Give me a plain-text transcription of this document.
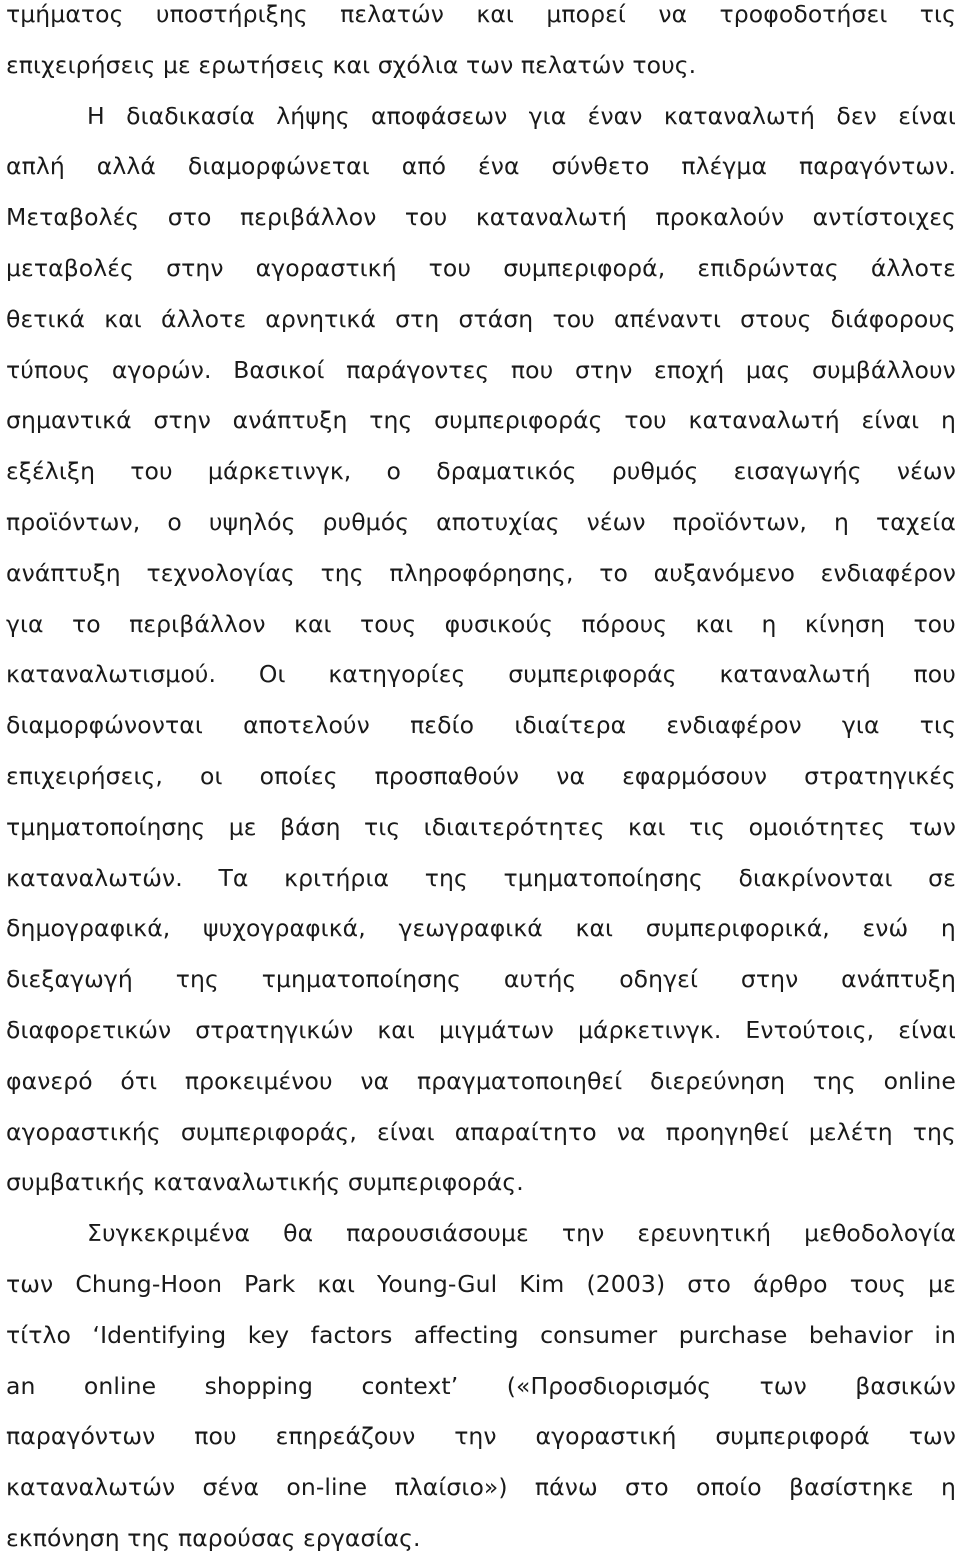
τμήματος υποστήριξης πελατών και μπορεί να τροφοδοτήσει τις
επιχειρήσεις με ερωτήσεις και σχόλια των πελατών τους.
Η διαδικασία λήψης αποφάσεων για έναν καταναλωτή δεν είναι
απλή αλλά διαμορφώνεται από ένα σύνθετο πλέγμα παραγόντων.
Μεταβολές στο περιβάλλον του καταναλωτή προκαλούν αντίστοιχες
μεταβολές στην αγοραστική του συμπεριφορά, επιδρώντας άλλοτε
θετικά και άλλοτε αρνητικά στη στάση του απέναντι στους διάφορους
τύπους αγορών. Βασικοί παράγοντες που στην εποχή μας συμβάλλουν
σημαντικά στην ανάπτυξη της συμπεριφοράς του καταναλωτή είναι η
εξέλιξη του μάρκετινγκ, ο δραματικός ρυθμός εισαγωγής νέων
προϊόντων, ο υψηλός ρυθμός αποτυχίας νέων προϊόντων, η ταχεία
ανάπτυξη τεχνολογίας της πληροφόρησης, το αυξανόμενο ενδιαφέρον
για το περιβάλλον και τους φυσικούς πόρους και η κίνηση του
καταναλωτισμού. Οι κατηγορίες συμπεριφοράς καταναλωτή που
διαμορφώνονται αποτελούν πεδίο ιδιαίτερα ενδιαφέρον για τις
επιχειρήσεις, οι οποίες προσπαθούν να εφαρμόσουν στρατηγικές
τμηματοποίησης με βάση τις ιδιαιτερότητες και τις ομοιότητες των
καταναλωτών. Τα κριτήρια της τμηματοποίησης διακρίνονται σε
δημογραφικά, ψυχογραφικά, γεωγραφικά και συμπεριφορικά, ενώ η
διεξαγωγή της τμηματοποίησης αυτής οδηγεί στην ανάπτυξη
διαφορετικών στρατηγικών και μιγμάτων μάρκετινγκ. Εντούτοις, είναι
φανερό ότι προκειμένου να πραγματοποιηθεί διερεύνηση της online
αγοραστικής συμπεριφοράς, είναι απαραίτητο να προηγηθεί μελέτη της
συμβατικής καταναλωτικής συμπεριφοράς.
Συγκεκριμένα θα παρουσιάσουμε την ερευνητική μεθοδολογία
των Chung-Hoon Park και Young-Gul Kim (2003) στο άρθρο τους με
τίτλο ‘Identifying key factors affecting consumer purchase behavior in
an online shopping context’ («Προσδιορισμός των βασικών
παραγόντων που επηρεάζουν την αγοραστική συμπεριφορά των
καταναλωτών σένα on-line πλαίσιο») πάνω στο οποίο βασίστηκε η
εκπόνηση της παρούσας εργασίας.
